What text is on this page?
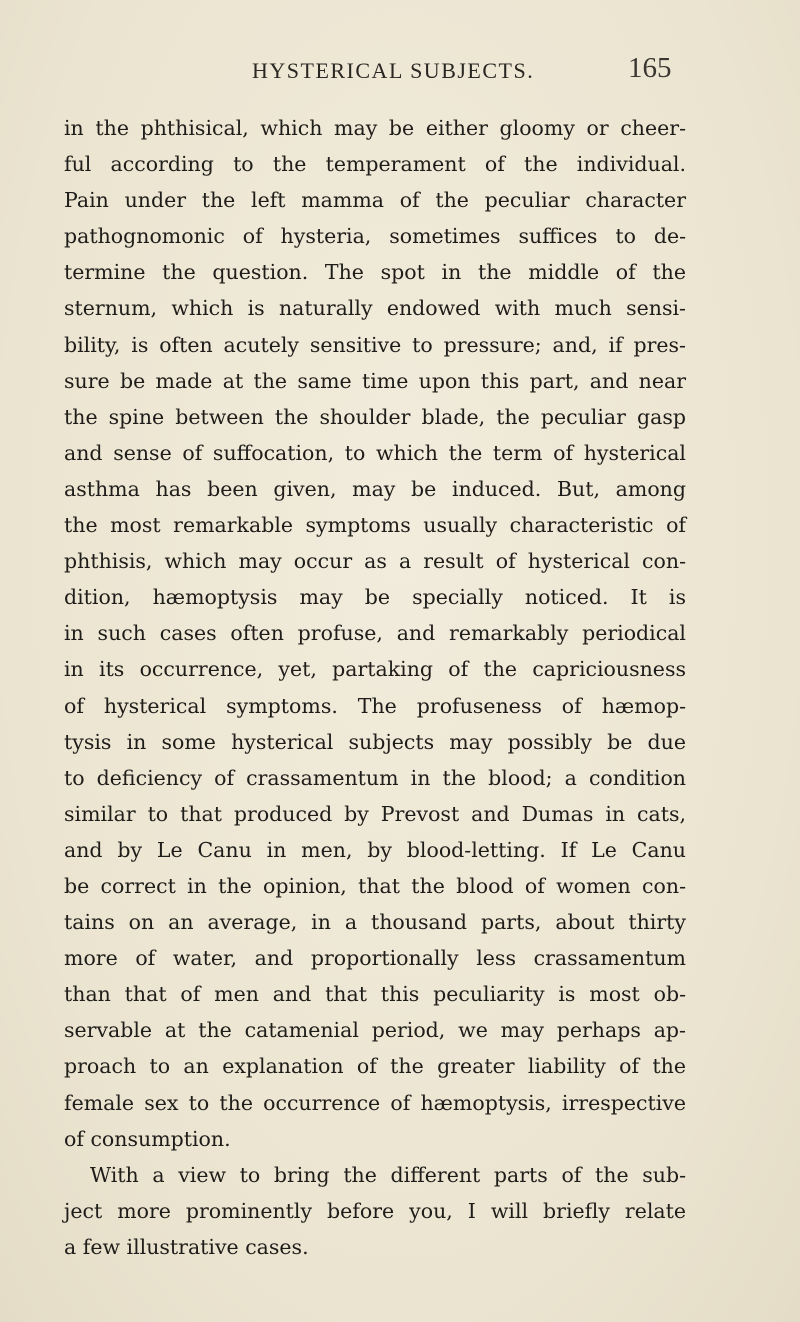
HYSTERICAL SUBJECTS.	165
in the phthisical, which may be either gloomy or cheer-
ful according to the temperament of the individual.
Pain under the left mamma of the peculiar character
pathognomonic of hysteria, sometimes suffices to de-
termine the question. The spot in the middle of the
sternum, which is naturally endowed with much sensi-
bility, is often acutely sensitive to pressure; and, if pres-
sure be made at the same time upon this part, and near
the spine between the shoulder blade, the peculiar gasp
and sense of suffocation, to which the term of hysterical
asthma has been given, may be induced. But, among
the most remarkable symptoms usually characteristic of
phthisis, which may occur as a result of hysterical con-
dition, hæmoptysis may be specially noticed. It is
in such cases often profuse, and remarkably periodical
in its occurrence, yet, partaking of the capriciousness
of hysterical symptoms. The profuseness of hæmop-
tysis in some hysterical subjects may possibly be due
to deficiency of crassamentum in the blood; a condition
similar to that produced by Prevost and Dumas in cats,
and by Le Canu in men, by blood-letting. If Le Canu
be correct in the opinion, that the blood of women con-
tains on an average, in a thousand parts, about thirty
more of water, and proportionally less crassamentum
than that of men and that this peculiarity is most ob-
servable at the catamenial period, we may perhaps ap-
proach to an explanation of the greater liability of the
female sex to the occurrence of hæmoptysis, irrespective
of consumption.
With a view to bring the different parts of the sub-
ject more prominently before you, I will briefly relate
a few illustrative cases.
